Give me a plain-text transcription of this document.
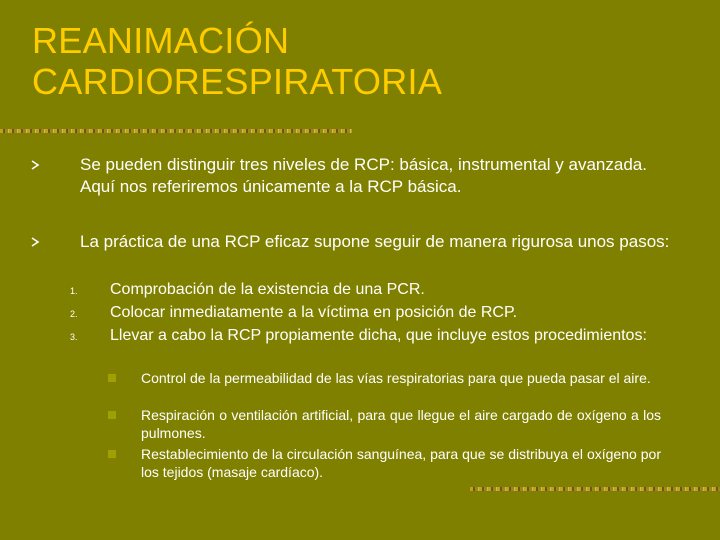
REANIMACIÓN
CARDIORESPIRATORIA
Se pueden distinguir tres niveles de RCP: básica, instrumental y avanzada. Aquí nos referiremos únicamente a la RCP básica.
La práctica de una RCP eficaz supone seguir de manera rigurosa unos pasos:
1. Comprobación de la existencia de una PCR.
2. Colocar inmediatamente a la víctima en posición de RCP.
3. Llevar a cabo la RCP propiamente dicha, que incluye estos procedimientos:
Control de la permeabilidad de las vías respiratorias para que pueda pasar el aire.
Respiración o ventilación artificial, para que llegue el aire cargado de oxígeno a los pulmones.
Restablecimiento de la circulación sanguínea, para que se distribuya el oxígeno por los tejidos (masaje cardíaco).
